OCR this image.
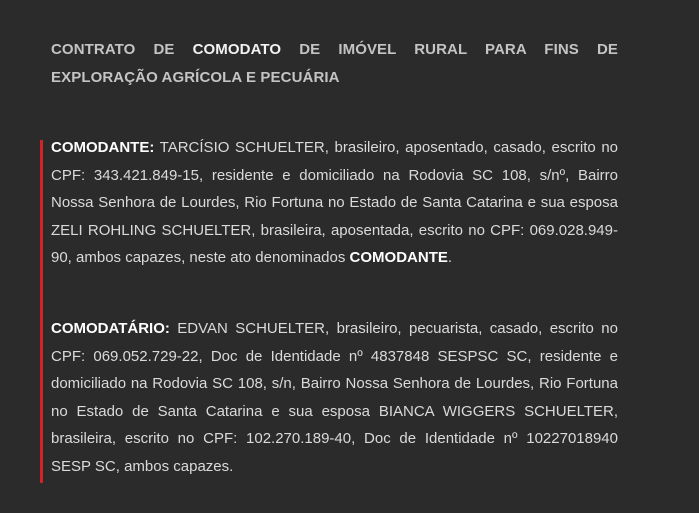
CONTRATO DE COMODATO DE IMÓVEL RURAL PARA FINS DE EXPLORAÇÃO AGRÍCOLA E PECUÁRIA
COMODANTE: TARCÍSIO SCHUELTER, brasileiro, aposentado, casado, escrito no CPF: 343.421.849-15, residente e domiciliado na Rodovia SC 108, s/nº, Bairro Nossa Senhora de Lourdes, Rio Fortuna no Estado de Santa Catarina e sua esposa ZELI ROHLING SCHUELTER, brasileira, aposentada, escrito no CPF: 069.028.949-90, ambos capazes, neste ato denominados COMODANTE.
COMODATÁRIO: EDVAN SCHUELTER, brasileiro, pecuarista, casado, escrito no CPF: 069.052.729-22, Doc de Identidade nº 4837848 SESPSC SC, residente e domiciliado na Rodovia SC 108, s/n, Bairro Nossa Senhora de Lourdes, Rio Fortuna no Estado de Santa Catarina e sua esposa BIANCA WIGGERS SCHUELTER, brasileira, escrito no CPF: 102.270.189-40, Doc de Identidade nº 10227018940 SESP SC, ambos capazes.
